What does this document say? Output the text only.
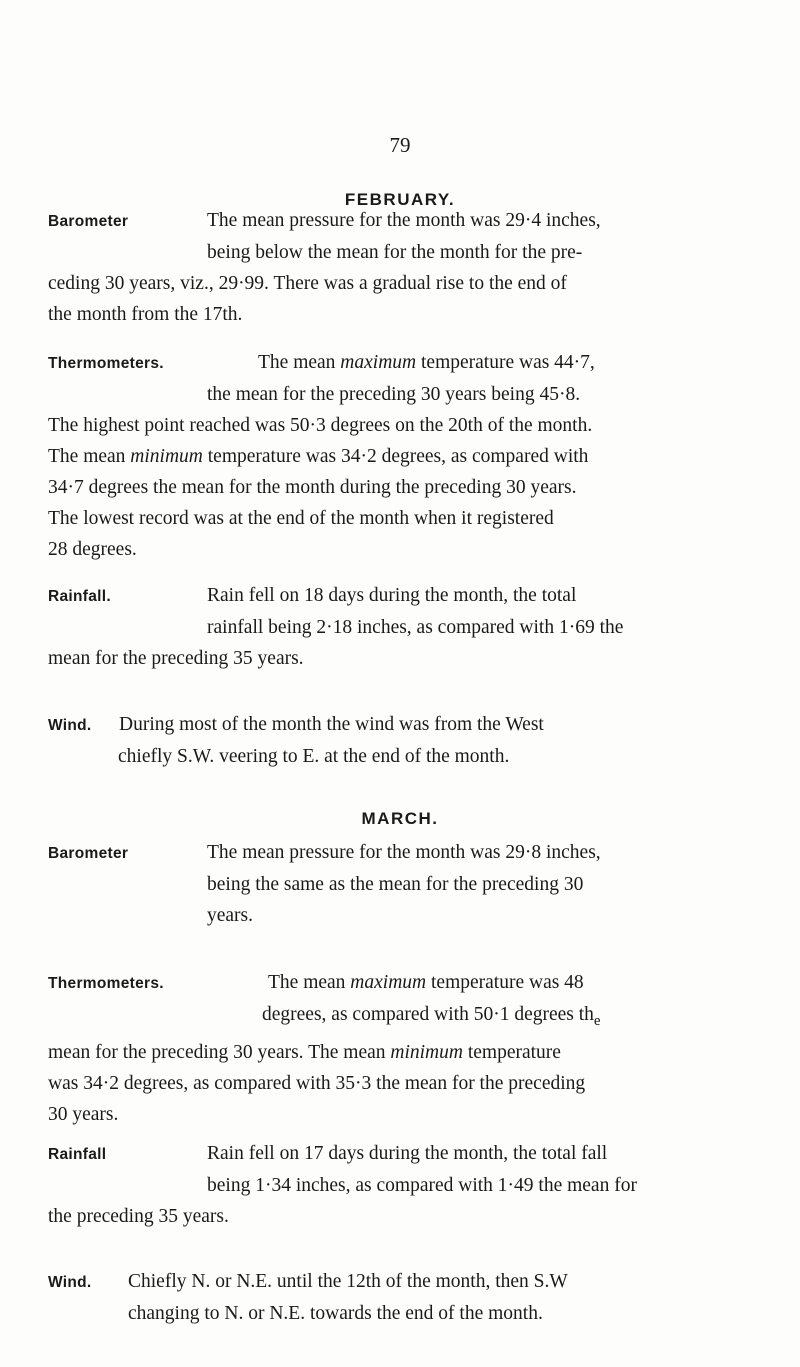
79
FEBRUARY.
Barometer	The mean pressure for the month was 29·4 inches,
being below the mean for the month for the pre-
ceding 30 years, viz., 29·99. There was a gradual rise to the end of
the month from the 17th.
Thermometers.	The mean maximum temperature was 44·7,
the mean for the preceding 30 years being 45·8.
The highest point reached was 50·3 degrees on the 20th of the month.
The mean minimum temperature was 34·2 degrees, as compared with
34·7 degrees the mean for the month during the preceding 30 years.
The lowest record was at the end of the month when it registered
28 degrees.
Rainfall.	Rain fell on 18 days during the month, the total
rainfall being 2·18 inches, as compared with 1·69 the
mean for the preceding 35 years.
Wind. During most of the month the wind was from the West
chiefly S.W. veering to E. at the end of the month.
MARCH.
Barometer	The mean pressure for the month was 29·8 inches,
being the same as the mean for the preceding 30
years.
Thermometers.	The mean maximum temperature was 48
degrees, as compared with 50·1 degrees $th_e$
mean for the preceding 30 years. The mean minimum temperature
was 34·2 degrees, as compared with 35·3 the mean for the preceding
30 years.
Rainfall	Rain fell on 17 days during the month, the total fall
being 1·34 inches, as compared with 1·49 the mean for
the preceding 35 years.
Wind. Chiefly N. or N.E. until the 12th of the month, then S.W
changing to N. or N.E. towards the end of the month.
